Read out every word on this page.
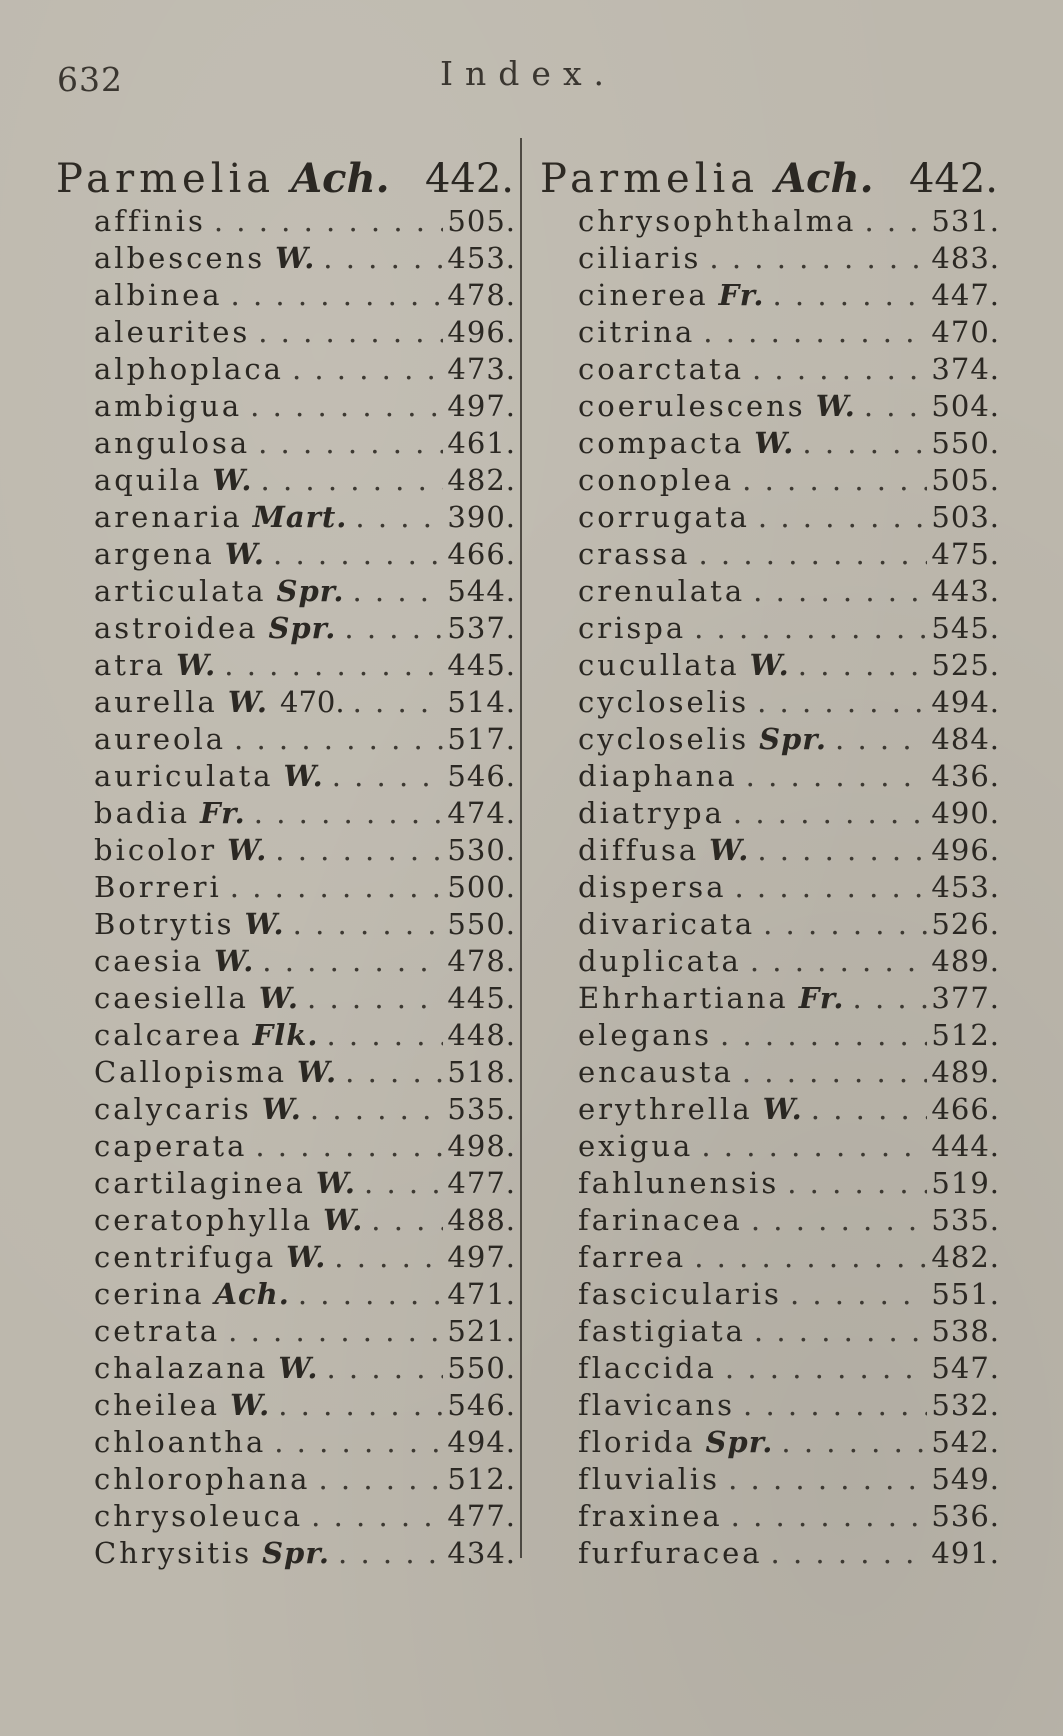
632	Index.
Parmelia Ach. 442.
affinis . . .	505.
albescens W. . . .	453.
albinea . . .	478.
aleurites . . .	496.
alphoplaca . . .	473.
ambigua . . .	497.
angulosa . . .	461.
aquila W. . . .	482.
arenaria Mart. . . .	390.
argena W. . . .	466.
articulata Spr. . . .	544.
astroidea Spr. . . .	537.
atra W. . . .	445.
aurella W. 470. . . .	514.
aureola . . .	517.
auriculata W. . . .	546.
badia Fr. . . .	474.
bicolor W. . . .	530.
Borreri . . .	500.
Botrytis W. . . .	550.
caesia W. . . .	478.
caesiella W. . . .	445.
calcarea Flk. . . .	448.
Callopisma W. . . .	518.
calycaris W. . . .	535.
caperata . . .	498.
cartilaginea W. . . .	477.
ceratophylla W. . . .	488.
centrifuga W. . . .	497.
cerina Ach. . . .	471.
cetrata . . .	521.
chalazana W. . . .	550.
cheilea W. . . .	546.
chloantha . . .	494.
chlorophana . . .	512.
chrysoleuca . . .	477.
Chrysitis Spr. . . .	434.
Parmelia Ach. 442.
chrysophthalma . . .	531.
ciliaris . . .	483.
cinerea Fr. . . .	447.
citrina . . .	470.
coarctata . . .	374.
coerulescens W. . . .	504.
compacta W. . . .	550.
conoplea . . .	505.
corrugata . . .	503.
crassa . . .	475.
crenulata . . .	443.
crispa . . .	545.
cucullata W. . . .	525.
cycloselis . . .	494.
cycloselis Spr. . . .	484.
diaphana . . .	436.
diatrypa . . .	490.
diffusa W. . . .	496.
dispersa . . .	453.
divaricata . . .	526.
duplicata . . .	489.
Ehrhartiana Fr. . . .	377.
elegans . . .	512.
encausta . . .	489.
erythrella W. . . .	466.
exigua . . .	444.
fahlunensis . . .	519.
farinacea . . .	535.
farrea . . .	482.
fascicularis . . .	551.
fastigiata . . .	538.
flaccida . . .	547.
flavicans . . .	532.
florida Spr. . . .	542.
fluvialis . . .	549.
fraxinea . . .	536.
furfuracea . . .	491.
